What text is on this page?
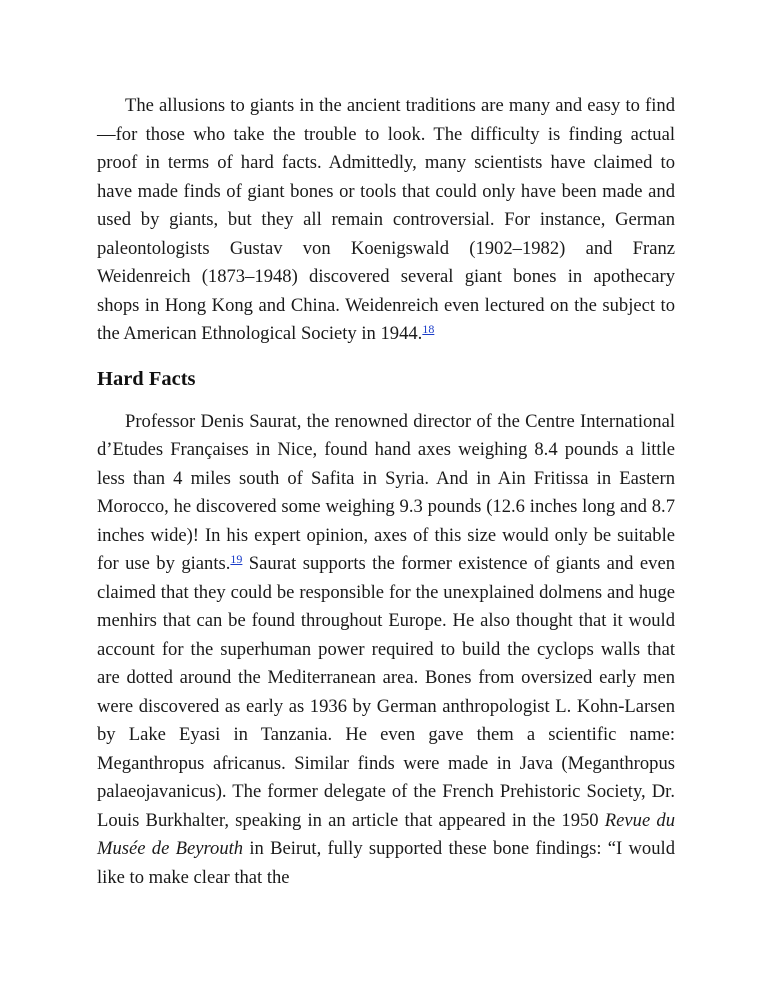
The allusions to giants in the ancient traditions are many and easy to find—for those who take the trouble to look. The difficulty is finding actual proof in terms of hard facts. Admittedly, many scientists have claimed to have made finds of giant bones or tools that could only have been made and used by giants, but they all remain controversial. For instance, German paleontologists Gustav von Koenigswald (1902–1982) and Franz Weidenreich (1873–1948) discovered several giant bones in apothecary shops in Hong Kong and China. Weidenreich even lectured on the subject to the American Ethnological Society in 1944.18

Hard Facts

Professor Denis Saurat, the renowned director of the Centre International d’Etudes Françaises in Nice, found hand axes weighing 8.4 pounds a little less than 4 miles south of Safita in Syria. And in Ain Fritissa in Eastern Morocco, he discovered some weighing 9.3 pounds (12.6 inches long and 8.7 inches wide)! In his expert opinion, axes of this size would only be suitable for use by giants.$^{19}$ Saurat supports the former existence of giants and even claimed that they could be responsible for the unexplained dolmens and huge menhirs that can be found throughout Europe. He also thought that it would account for the superhuman power required to build the cyclops walls that are dotted around the Mediterranean area. Bones from oversized early men were discovered as early as 1936 by German anthropologist L. Kohn-Larsen by Lake Eyasi in Tanzania. He even gave them a scientific name: Meganthropus africanus. Similar finds were made in Java (Meganthropus palaeojavanicus). The former delegate of the French Prehistoric Society, Dr. Louis Burkhalter, speaking in an article that appeared in the 1950 Revue du Musée de Beyrouth in Beirut, fully supported these bone findings: “I would like to make clear that the
